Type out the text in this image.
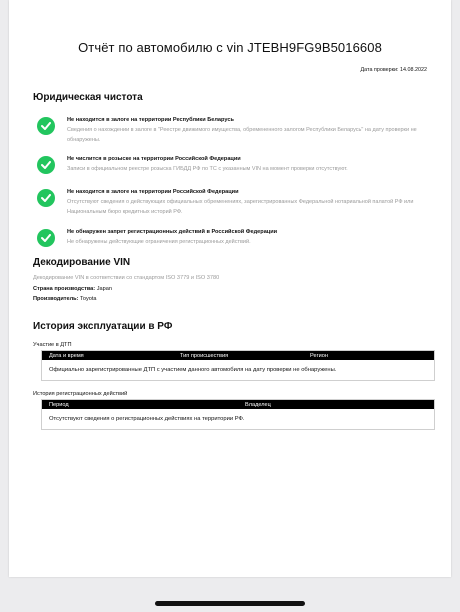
Отчёт по автомобилю с vin JTEBH9FG9B5016608
Дата проверки: 14.08.2022
Юридическая чистота
Не находится в залоге на территории Республики Беларусь
Сведения о нахождении в залоге в "Реестре движимого имущества, обремененного залогом Республики Беларусь" на дату проверки не обнаружены.
Не числится в розыске на территории Российской Федерации
Записи в официальном реестре розыска ГИБДД РФ по ТС с указанным VIN на момент проверки отсутствуют.
Не находится в залоге на территории Российской Федерации
Отсутствуют сведения о действующих официальных обременениях, зарегистрированных Федеральной нотариальной палатой РФ или Национальным бюро кредитных историй РФ.
Не обнаружен запрет регистрационных действий в Российской Федерации
Не обнаружены действующие ограничения регистрационных действий.
Декодирование VIN
Декодирование VIN в соответствии со стандартом ISO 3779 и ISO 3780
Страна производства: Japan
Производитель: Toyota
История эксплуатации в РФ
Участие в ДТП
Дата и время	Тип происшествия	Регион
Официально зарегистрированные ДТП с участием данного автомобиля на дату проверки не обнаружены.
История регистрационных действий
Период	Владелец
Отсутствуют сведения о регистрационных действиях на территории РФ.
